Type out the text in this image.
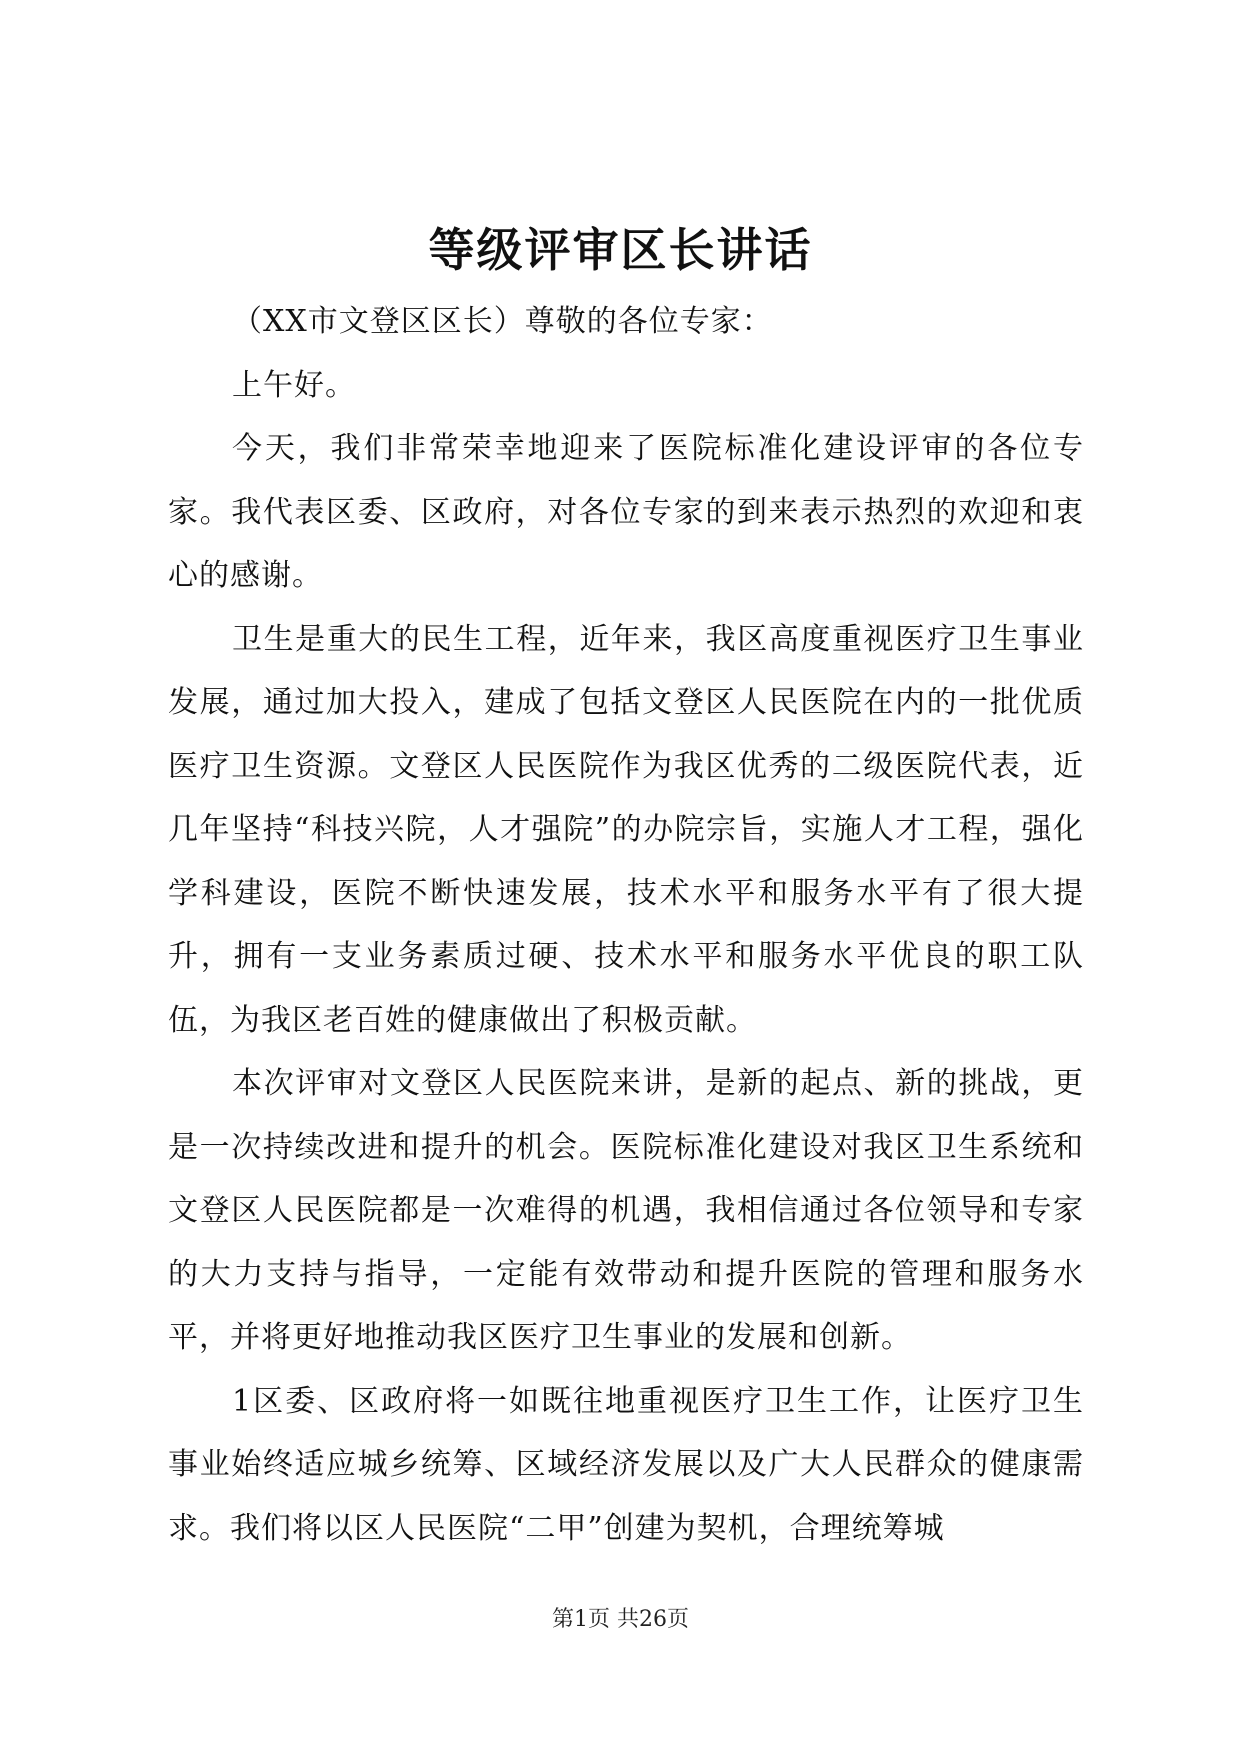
等级评审区长讲话

（XX市文登区区长）尊敬的各位专家：

上午好。

今天，我们非常荣幸地迎来了医院标准化建设评审的各位专家。我代表区委、区政府，对各位专家的到来表示热烈的欢迎和衷心的感谢。

卫生是重大的民生工程，近年来，我区高度重视医疗卫生事业发展，通过加大投入，建成了包括文登区人民医院在内的一批优质医疗卫生资源。文登区人民医院作为我区优秀的二级医院代表，近几年坚持“科技兴院，人才强院”的办院宗旨，实施人才工程，强化学科建设，医院不断快速发展，技术水平和服务水平有了很大提升，拥有一支业务素质过硬、技术水平和服务水平优良的职工队伍，为我区老百姓的健康做出了积极贡献。

本次评审对文登区人民医院来讲，是新的起点、新的挑战，更是一次持续改进和提升的机会。医院标准化建设对我区卫生系统和文登区人民医院都是一次难得的机遇，我相信通过各位领导和专家的大力支持与指导，一定能有效带动和提升医院的管理和服务水平，并将更好地推动我区医疗卫生事业的发展和创新。

1区委、区政府将一如既往地重视医疗卫生工作，让医疗卫生事业始终适应城乡统筹、区域经济发展以及广大人民群众的健康需求。我们将以区人民医院“二甲”创建为契机，合理统筹城

第1页 共26页
